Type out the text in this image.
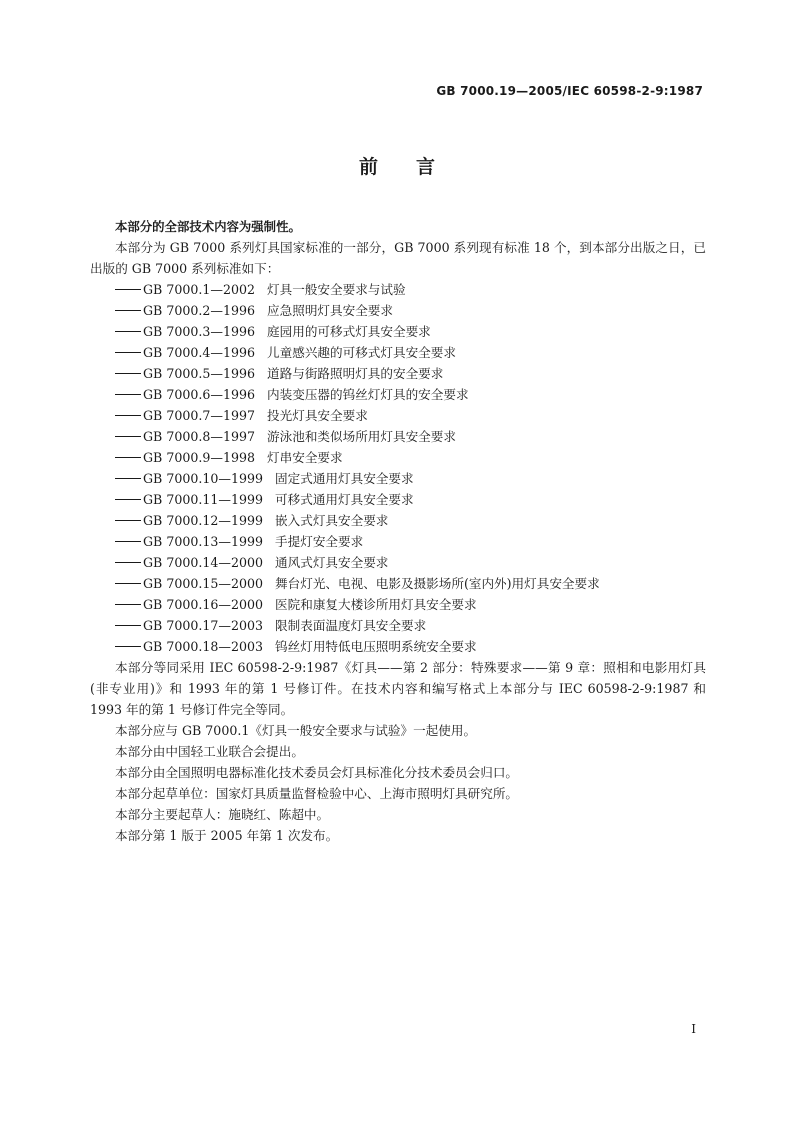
GB 7000.19—2005/IEC 60598-2-9:1987
前言

本部分的全部技术内容为强制性。

本部分为 GB 7000 系列灯具国家标准的一部分，GB 7000 系列现有标准 18 个，到本部分出版之日，已出版的 GB 7000 系列标准如下：

GB 7000.1—2002 灯具一般安全要求与试验
GB 7000.2—1996 应急照明灯具安全要求
GB 7000.3—1996 庭园用的可移式灯具安全要求
GB 7000.4—1996 儿童感兴趣的可移式灯具安全要求
GB 7000.5—1996 道路与街路照明灯具的安全要求
GB 7000.6—1996 内装变压器的钨丝灯灯具的安全要求
GB 7000.7—1997 投光灯具安全要求
GB 7000.8—1997 游泳池和类似场所用灯具安全要求
GB 7000.9—1998 灯串安全要求
GB 7000.10—1999 固定式通用灯具安全要求
GB 7000.11—1999 可移式通用灯具安全要求
GB 7000.12—1999 嵌入式灯具安全要求
GB 7000.13—1999 手提灯安全要求
GB 7000.14—2000 通风式灯具安全要求
GB 7000.15—2000 舞台灯光、电视、电影及摄影场所(室内外)用灯具安全要求
GB 7000.16—2000 医院和康复大楼诊所用灯具安全要求
GB 7000.17—2003 限制表面温度灯具安全要求
GB 7000.18—2003 钨丝灯用特低电压照明系统安全要求

本部分等同采用 IEC 60598-2-9:1987《灯具——第 2 部分：特殊要求——第 9 章：照相和电影用灯具(非专业用)》和 1993 年的第 1 号修订件。在技术内容和编写格式上本部分与 IEC 60598-2-9:1987 和 1993 年的第 1 号修订件完全等同。

本部分应与 GB 7000.1《灯具一般安全要求与试验》一起使用。

本部分由中国轻工业联合会提出。

本部分由全国照明电器标准化技术委员会灯具标准化分技术委员会归口。

本部分起草单位：国家灯具质量监督检验中心、上海市照明灯具研究所。

本部分主要起草人：施晓红、陈超中。

本部分第 1 版于 2005 年第 1 次发布。

I
